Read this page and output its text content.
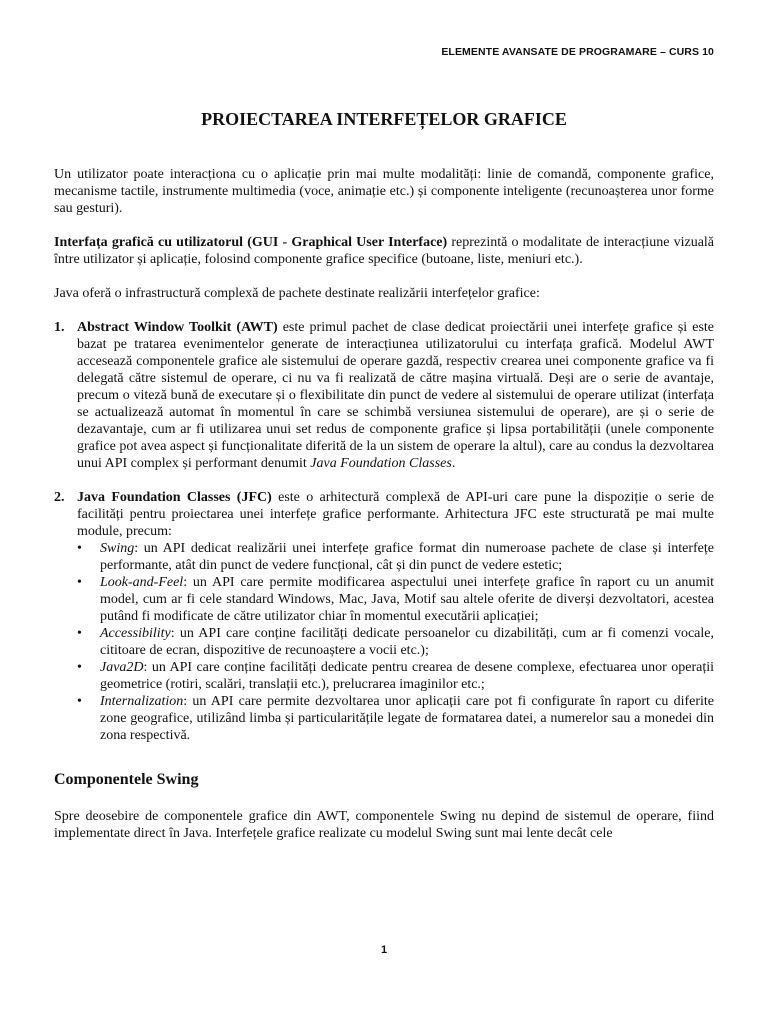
ELEMENTE AVANSATE DE PROGRAMARE – CURS 10
PROIECTAREA INTERFEȚELOR GRAFICE

Un utilizator poate interacționa cu o aplicație prin mai multe modalități: linie de comandă, componente grafice, mecanisme tactile, instrumente multimedia (voce, animație etc.) și componente inteligente (recunoașterea unor forme sau gesturi).

Interfața grafică cu utilizatorul (GUI - Graphical User Interface) reprezintă o modalitate de interacțiune vizuală între utilizator și aplicație, folosind componente grafice specifice (butoane, liste, meniuri etc.).

Java oferă o infrastructură complexă de pachete destinate realizării interfețelor grafice:

1. Abstract Window Toolkit (AWT) este primul pachet de clase dedicat proiectării unei interfețe grafice și este bazat pe tratarea evenimentelor generate de interacțiunea utilizatorului cu interfața grafică. Modelul AWT accesează componentele grafice ale sistemului de operare gazdă, respectiv crearea unei componente grafice va fi delegată către sistemul de operare, ci nu va fi realizată de către mașina virtuală. Deși are o serie de avantaje, precum o viteză bună de executare și o flexibilitate din punct de vedere al sistemului de operare utilizat (interfața se actualizează automat în momentul în care se schimbă versiunea sistemului de operare), are și o serie de dezavantaje, cum ar fi utilizarea unui set redus de componente grafice și lipsa portabilității (unele componente grafice pot avea aspect și funcționalitate diferită de la un sistem de operare la altul), care au condus la dezvoltarea unui API complex și performant denumit Java Foundation Classes.
2. Java Foundation Classes (JFC) este o arhitectură complexă de API-uri care pune la dispoziție o serie de facilități pentru proiectarea unei interfețe grafice performante. Arhitectura JFC este structurată pe mai multe module, precum:
• Swing: un API dedicat realizării unei interfețe grafice format din numeroase pachete de clase și interfețe performante, atât din punct de vedere funcțional, cât și din punct de vedere estetic;
• Look-and-Feel: un API care permite modificarea aspectului unei interfețe grafice în raport cu un anumit model, cum ar fi cele standard Windows, Mac, Java, Motif sau altele oferite de diverși dezvoltatori, acestea putând fi modificate de către utilizator chiar în momentul executării aplicației;
• Accessibility: un API care conține facilități dedicate persoanelor cu dizabilități, cum ar fi comenzi vocale, cititoare de ecran, dispozitive de recunoaștere a vocii etc.);
• Java2D: un API care conține facilități dedicate pentru crearea de desene complexe, efectuarea unor operații geometrice (rotiri, scalări, translații etc.), prelucrarea imaginilor etc.;
• Internalization: un API care permite dezvoltarea unor aplicații care pot fi configurate în raport cu diferite zone geografice, utilizând limba și particularitățile legate de formatarea datei, a numerelor sau a monedei din zona respectivă.
Componentele Swing

Spre deosebire de componentele grafice din AWT, componentele Swing nu depind de sistemul de operare, fiind implementate direct în Java. Interfețele grafice realizate cu modelul Swing sunt mai lente decât cele

1
